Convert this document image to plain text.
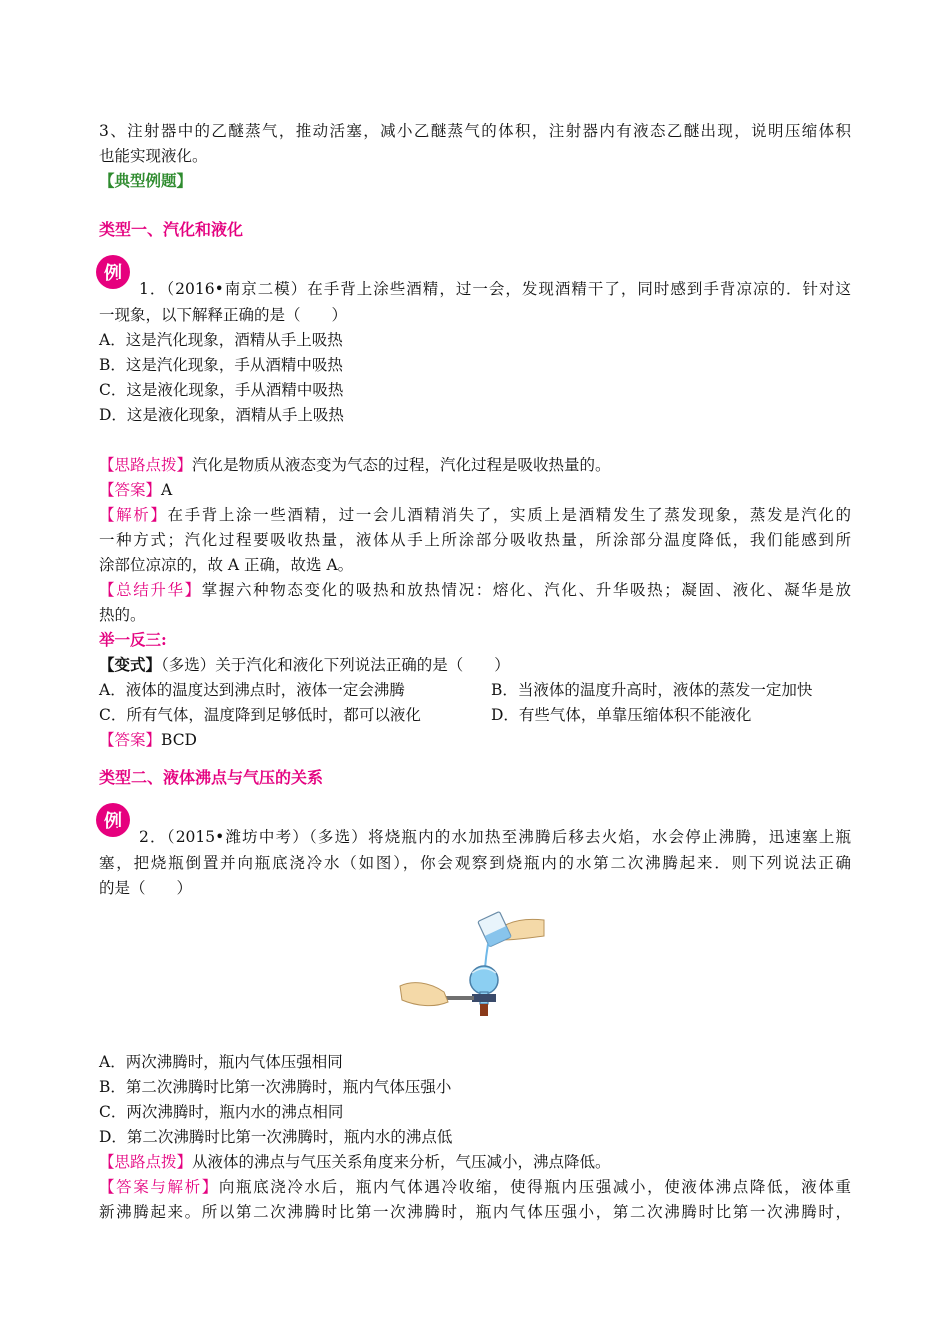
3、注射器中的乙醚蒸气，推动活塞，减小乙醚蒸气的体积，注射器内有液态乙醚出现，说明压缩体积
也能实现液化。
【典型例题】
类型一、汽化和液化
例
1．（2016•南京二模）在手背上涂些酒精，过一会，发现酒精干了，同时感到手背凉凉的．针对这
一现象，以下解释正确的是（　　）
A．这是汽化现象，酒精从手上吸热
B．这是汽化现象，手从酒精中吸热
C．这是液化现象，手从酒精中吸热
D．这是液化现象，酒精从手上吸热
【思路点拨】汽化是物质从液态变为气态的过程，汽化过程是吸收热量的。
【答案】A
【解析】在手背上涂一些酒精，过一会儿酒精消失了，实质上是酒精发生了蒸发现象，蒸发是汽化的
一种方式；汽化过程要吸收热量，液体从手上所涂部分吸收热量，所涂部分温度降低，我们能感到所
涂部位凉凉的，故 A 正确，故选 A。
【总结升华】掌握六种物态变化的吸热和放热情况：熔化、汽化、升华吸热；凝固、液化、凝华是放
热的。
举一反三:
【变式】（多选）关于汽化和液化下列说法正确的是（　　）
A．液体的温度达到沸点时，液体一定会沸腾	B．当液体的温度升高时，液体的蒸发一定加快
C．所有气体，温度降到足够低时，都可以液化	D．有些气体，单靠压缩体积不能液化
【答案】BCD
类型二、液体沸点与气压的关系
例
2．（2015•潍坊中考）（多选）将烧瓶内的水加热至沸腾后移去火焰，水会停止沸腾，迅速塞上瓶
塞，把烧瓶倒置并向瓶底浇冷水（如图），你会观察到烧瓶内的水第二次沸腾起来．则下列说法正确
的是（　　）
A．两次沸腾时，瓶内气体压强相同
B．第二次沸腾时比第一次沸腾时，瓶内气体压强小
C．两次沸腾时，瓶内水的沸点相同
D．第二次沸腾时比第一次沸腾时，瓶内水的沸点低
【思路点拨】从液体的沸点与气压关系角度来分析，气压减小，沸点降低。
【答案与解析】向瓶底浇冷水后，瓶内气体遇冷收缩，使得瓶内压强减小，使液体沸点降低，液体重
新沸腾起来。所以第二次沸腾时比第一次沸腾时，瓶内气体压强小，第二次沸腾时比第一次沸腾时，
